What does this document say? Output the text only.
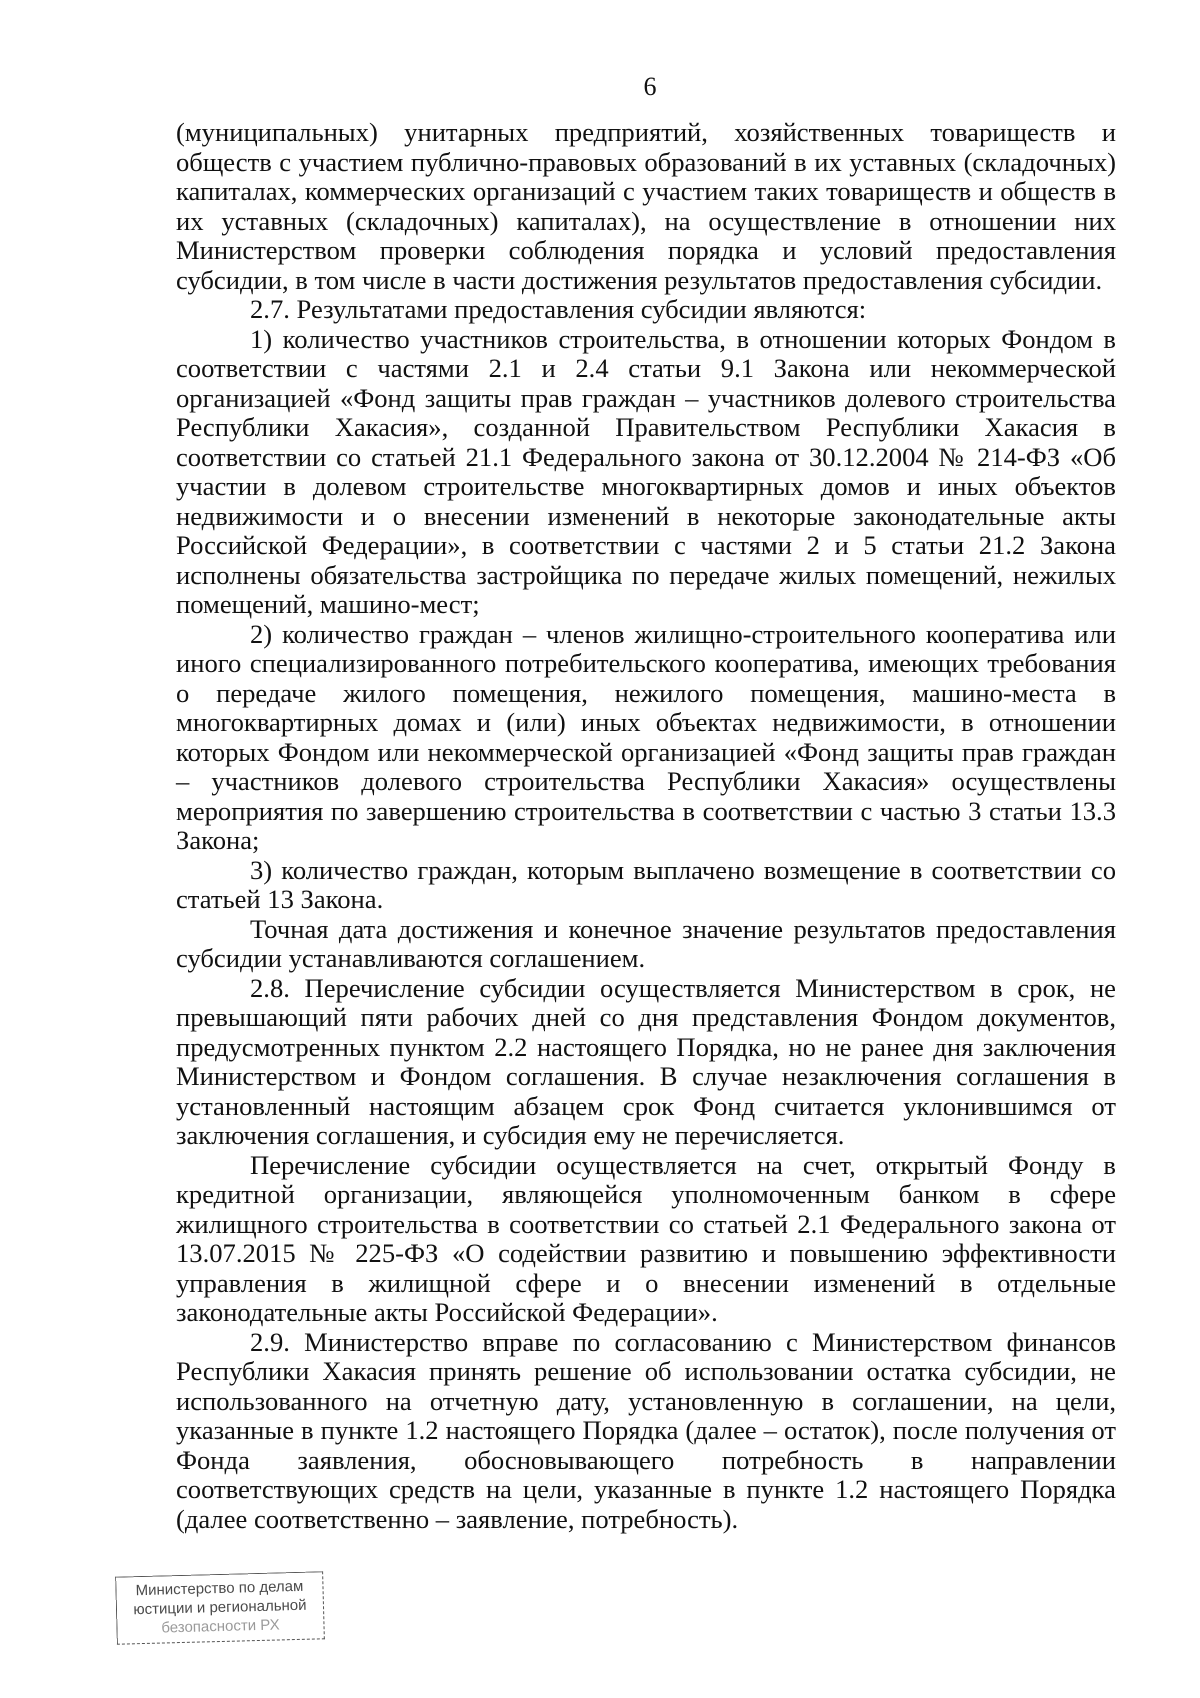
6

(муниципальных) унитарных предприятий, хозяйственных товариществ и обществ с участием публично-правовых образований в их уставных (складочных) капиталах, коммерческих организаций с участием таких товариществ и обществ в их уставных (складочных) капиталах), на осуществление в отношении них Министерством проверки соблюдения порядка и условий предоставления субсидии, в том числе в части достижения результатов предоставления субсидии.

2.7. Результатами предоставления субсидии являются:

1) количество участников строительства, в отношении которых Фондом в соответствии с частями 2.1 и 2.4 статьи 9.1 Закона или некоммерческой организацией «Фонд защиты прав граждан – участников долевого строительства Республики Хакасия», созданной Правительством Республики Хакасия в соответствии со статьей 21.1 Федерального закона от 30.12.2004 № 214-ФЗ «Об участии в долевом строительстве многоквартирных домов и иных объектов недвижимости и о внесении изменений в некоторые законодательные акты Российской Федерации», в соответствии с частями 2 и 5 статьи 21.2 Закона исполнены обязательства застройщика по передаче жилых помещений, нежилых помещений, машино-мест;

2) количество граждан – членов жилищно-строительного кооператива или иного специализированного потребительского кооператива, имеющих требования о передаче жилого помещения, нежилого помещения, машино-места в многоквартирных домах и (или) иных объектах недвижимости, в отношении которых Фондом или некоммерческой организацией «Фонд защиты прав граждан – участников долевого строительства Республики Хакасия» осуществлены мероприятия по завершению строительства в соответствии с частью 3 статьи 13.3 Закона;

3) количество граждан, которым выплачено возмещение в соответствии со статьей 13 Закона.

Точная дата достижения и конечное значение результатов предоставления субсидии устанавливаются соглашением.

2.8. Перечисление субсидии осуществляется Министерством в срок, не превышающий пяти рабочих дней со дня представления Фондом документов, предусмотренных пунктом 2.2 настоящего Порядка, но не ранее дня заключения Министерством и Фондом соглашения. В случае незаключения соглашения в установленный настоящим абзацем срок Фонд считается уклонившимся от заключения соглашения, и субсидия ему не перечисляется.

Перечисление субсидии осуществляется на счет, открытый Фонду в кредитной организации, являющейся уполномоченным банком в сфере жилищного строительства в соответствии со статьей 2.1 Федерального закона от 13.07.2015 № 225-ФЗ «О содействии развитию и повышению эффективности управления в жилищной сфере и о внесении изменений в отдельные законодательные акты Российской Федерации».

2.9. Министерство вправе по согласованию с Министерством финансов Республики Хакасия принять решение об использовании остатка субсидии, не использованного на отчетную дату, установленную в соглашении, на цели, указанные в пункте 1.2 настоящего Порядка (далее – остаток), после получения от Фонда заявления, обосновывающего потребность в направлении соответствующих средств на цели, указанные в пункте 1.2 настоящего Порядка (далее соответственно – заявление, потребность).

Министерство по делам
юстиции и региональной
безопасности РХ
